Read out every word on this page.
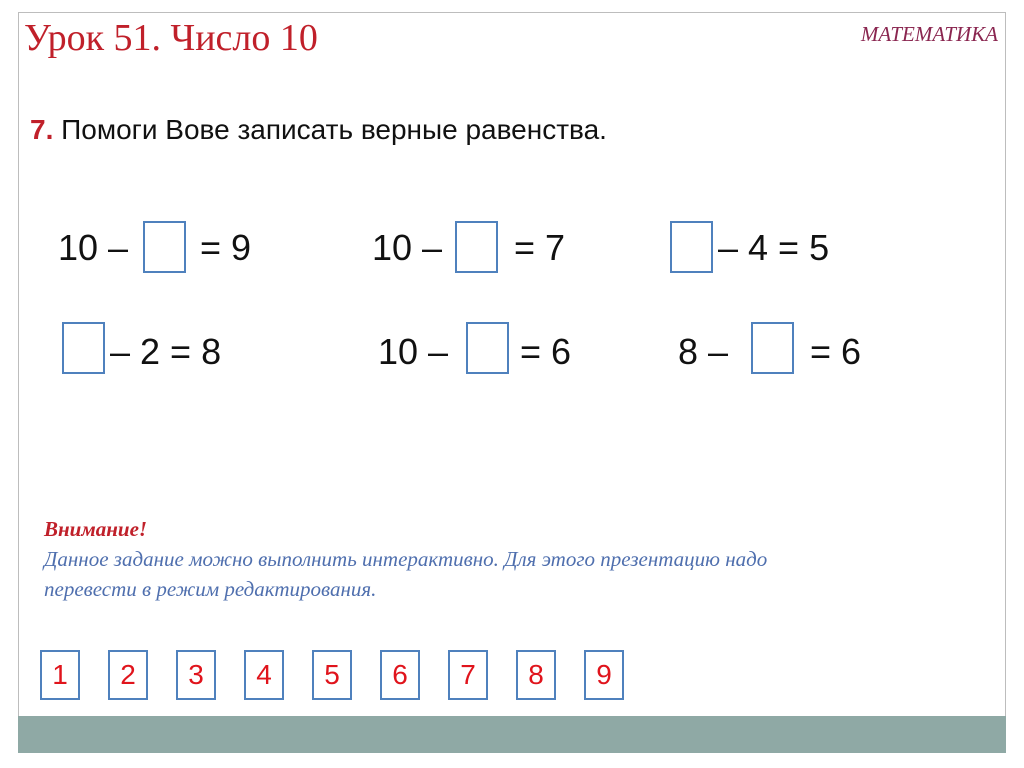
Урок 51. Число 10	МАТЕМАТИКА
7. Помоги Вове записать верные равенства.
10 – = 9	10 – = 7	– 4 = 5
– 2 = 8	10 – = 6	8 – = 6
Внимание!
Данное задание можно выполнить интерактивно. Для этого презентацию надо
перевести в режим редактирования.
1	2	3	4	5	6	7	8	9
